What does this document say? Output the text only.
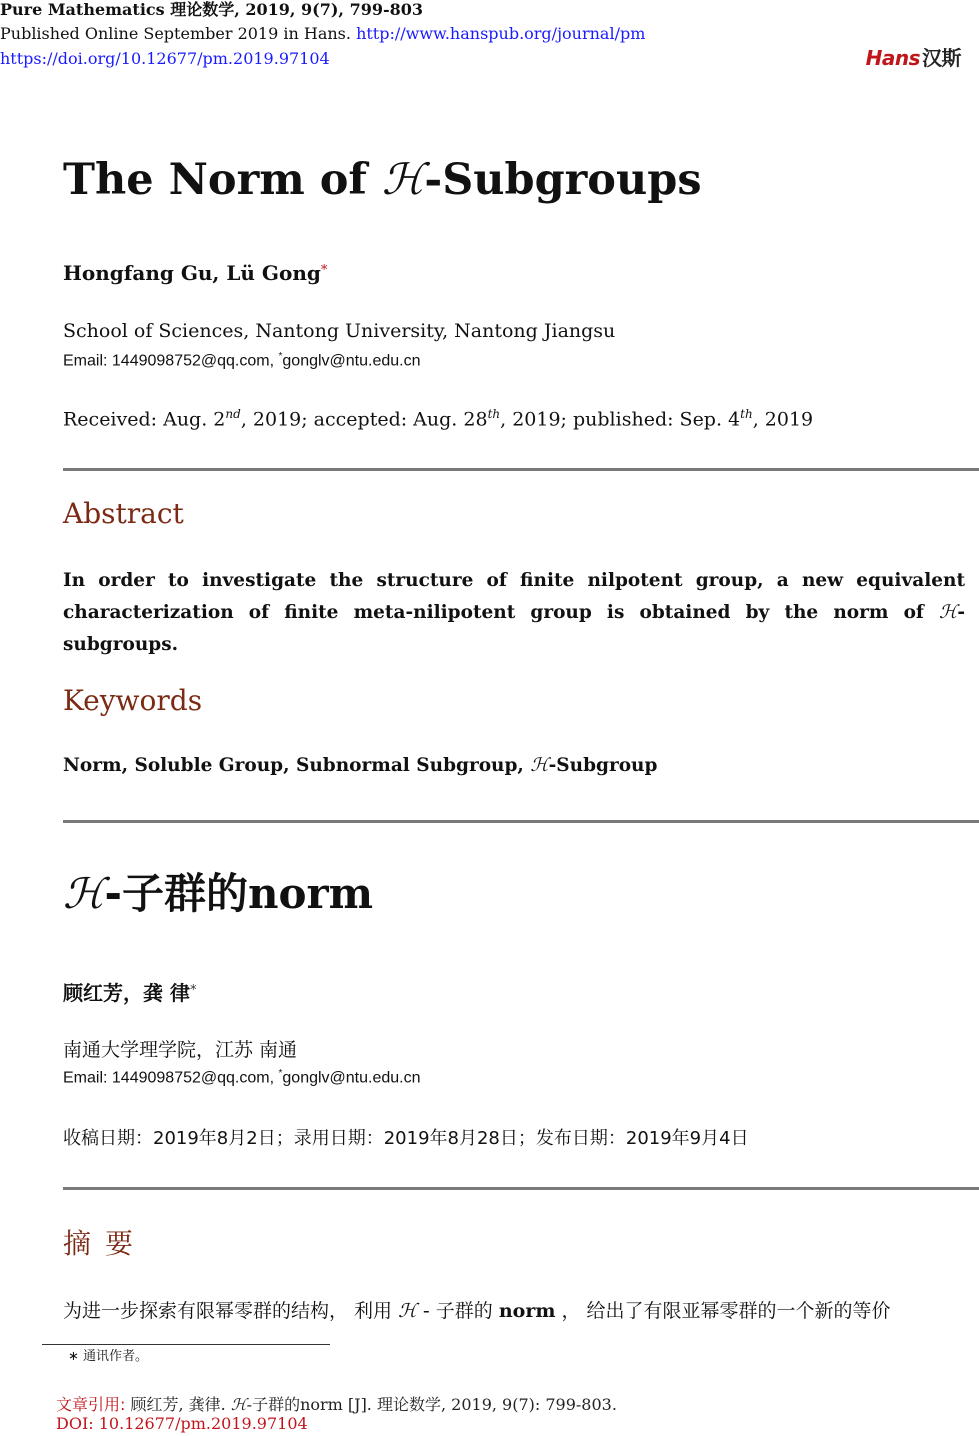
Pure Mathematics 理论数学, 2019, 9(7), 799-803
Published Online September 2019 in Hans. http://www.hanspub.org/journal/pm
https://doi.org/10.12677/pm.2019.97104	Hans 汉斯
The Norm of ℋ-Subgroups
Hongfang Gu, Lü Gong*
School of Sciences, Nantong University, Nantong Jiangsu
Email: 1449098752@qq.com, *gonglv@ntu.edu.cn
Received: Aug. 2nd, 2019; accepted: Aug. 28th, 2019; published: Sep. 4th, 2019
Abstract
In order to investigate the structure of finite nilpotent group, a new equivalent characterization of finite meta-nilipotent group is obtained by the norm of ℋ-subgroups.
Keywords
Norm, Soluble Group, Subnormal Subgroup, ℋ-Subgroup
ℋ-子群的norm
顾红芳，龚 律*
南通大学理学院，江苏 南通
Email: 1449098752@qq.com, *gonglv@ntu.edu.cn
收稿日期：2019年8月2日；录用日期：2019年8月28日；发布日期：2019年9月4日
摘要
为进一步探索有限幂零群的结构， 利用 ℋ - 子群的 norm ， 给出了有限亚幂零群的一个新的等价
∗ 通讯作者。
文章引用: 顾红芳, 龚律. ℋ-子群的norm [J]. 理论数学, 2019, 9(7): 799-803.
DOI: 10.12677/pm.2019.97104
